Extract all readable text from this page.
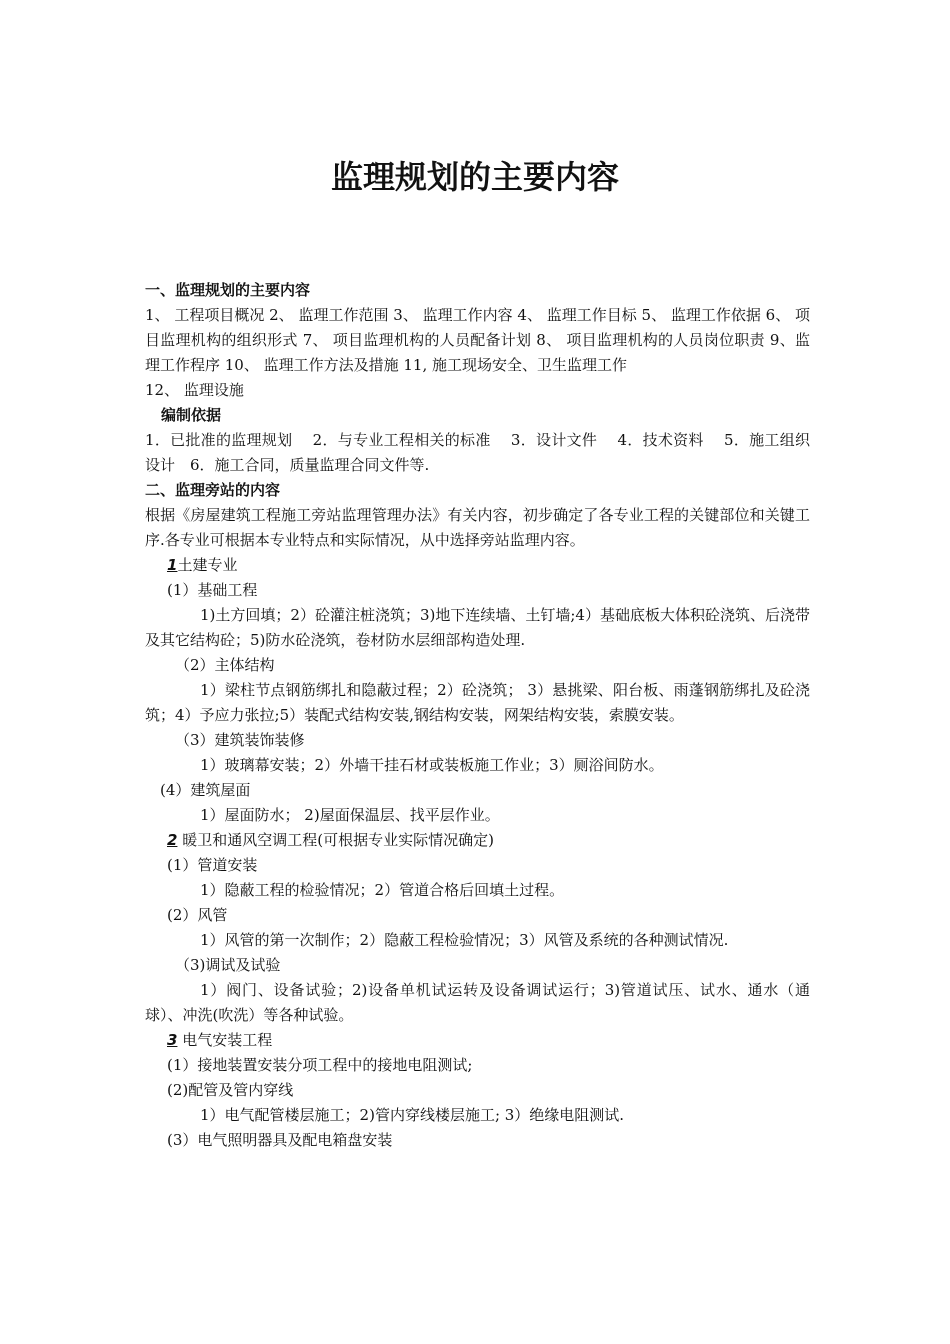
监理规划的主要内容

一、监理规划的主要内容

1、 工程项目概况 2、 监理工作范围 3、 监理工作内容 4、 监理工作目标 5、 监理工作依据 6、 项目监理机构的组织形式 7、 项目监理机构的人员配备计划 8、 项目监理机构的人员岗位职责 9、监理工作程序 10、 监理工作方法及措施 11, 施工现场安全、卫生监理工作

12、 监理设施

编制依据

1．已批准的监理规划　 2．与专业工程相关的标准　 3．设计文件　 4．技术资料　 5．施工组织设计　6．施工合同，质量监理合同文件等.

二、监理旁站的内容

根据《房屋建筑工程施工旁站监理管理办法》有关内容，初步确定了各专业工程的关键部位和关键工序.各专业可根据本专业特点和实际情况，从中选择旁站监理内容。

1土建专业

(1）基础工程

1)土方回填；2）砼灌注桩浇筑；3)地下连续墙、土钉墙;4）基础底板大体积砼浇筑、后浇带及其它结构砼；5)防水砼浇筑，卷材防水层细部构造处理.

（2）主体结构

1）梁柱节点钢筋绑扎和隐蔽过程；2）砼浇筑； 3）悬挑梁、阳台板、雨蓬钢筋绑扎及砼浇筑；4）予应力张拉;5）装配式结构安装,钢结构安装，网架结构安装，索膜安装。

（3）建筑装饰装修

1）玻璃幕安装；2）外墙干挂石材或装板施工作业；3）厕浴间防水。

(4）建筑屋面

1）屋面防水； 2)屋面保温层、找平层作业。

2 暖卫和通风空调工程(可根据专业实际情况确定)

(1）管道安装

1）隐蔽工程的检验情况；2）管道合格后回填土过程。

(2）风管

1）风管的第一次制作；2）隐蔽工程检验情况；3）风管及系统的各种测试情况.

（3)调试及试验

1）阀门、设备试验；2)设备单机试运转及设备调试运行；3)管道试压、试水、通水（通球）、冲洗(吹洗）等各种试验。

3 电气安装工程

(1）接地装置安装分项工程中的接地电阻测试;

(2)配管及管内穿线

1）电气配管楼层施工；2)管内穿线楼层施工; 3）绝缘电阻测试.

(3）电气照明器具及配电箱盘安装
